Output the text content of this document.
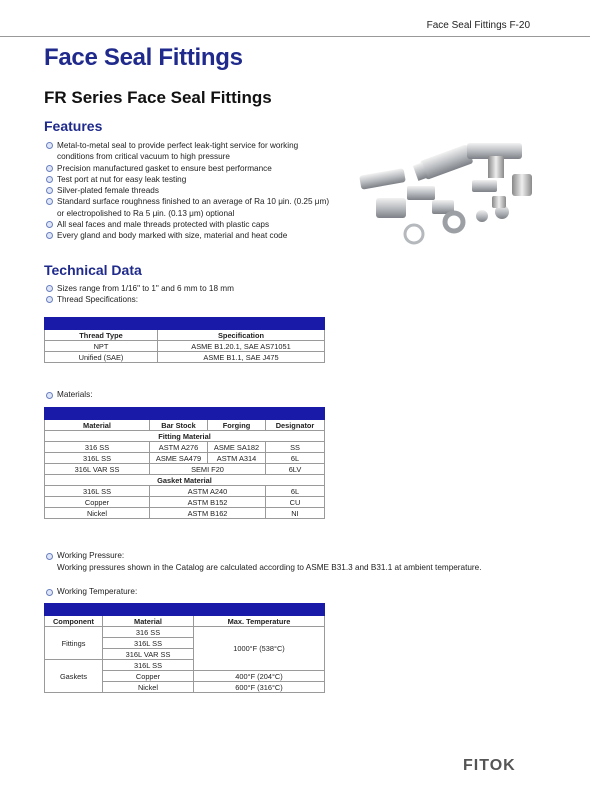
Face Seal Fittings F-20
Face Seal Fittings
FR Series Face Seal Fittings
Features
Metal-to-metal seal to provide perfect leak-tight service for working
conditions from critical vacuum to high pressure
Precision manufactured gasket to ensure best performance
Test port at nut for easy leak testing
Silver-plated female threads
Standard surface roughness finished to an average of Ra 10 μin. (0.25 μm)
or electropolished to Ra 5 μin. (0.13 μm) optional
All seal faces and male threads protected with plastic caps
Every gland and body marked with size, material and heat code
Technical Data
Sizes range from 1/16" to 1" and 6 mm to 18 mm
Thread Specifications:

Thread Type	Specification
NPT	ASME B1.20.1, SAE AS71051
Unified (SAE)	ASME B1.1, SAE J475
Materials:

Material	Bar Stock	Forging	Designator
Fitting Material			
316 SS	ASTM A276	ASME SA182	SS
316L SS	ASME SA479	ASTM A314	6L
316L VAR SS	SEMI F20		6LV
Gasket Material			
316L SS	ASTM A240		6L
Copper	ASTM B152		CU
Nickel	ASTM B162		NI
Working Pressure:
Working pressures shown in the Catalog are calculated according to ASME B31.3 and B31.1 at ambient temperature.
Working Temperature:

Component	Material	Max. Temperature
Fittings	316 SS	1000°F (538°C)
	316L SS	
	316L VAR SS	
Gaskets	316L SS	
	Copper	400°F (204°C)
	Nickel	600°F (316°C)
FITOK
